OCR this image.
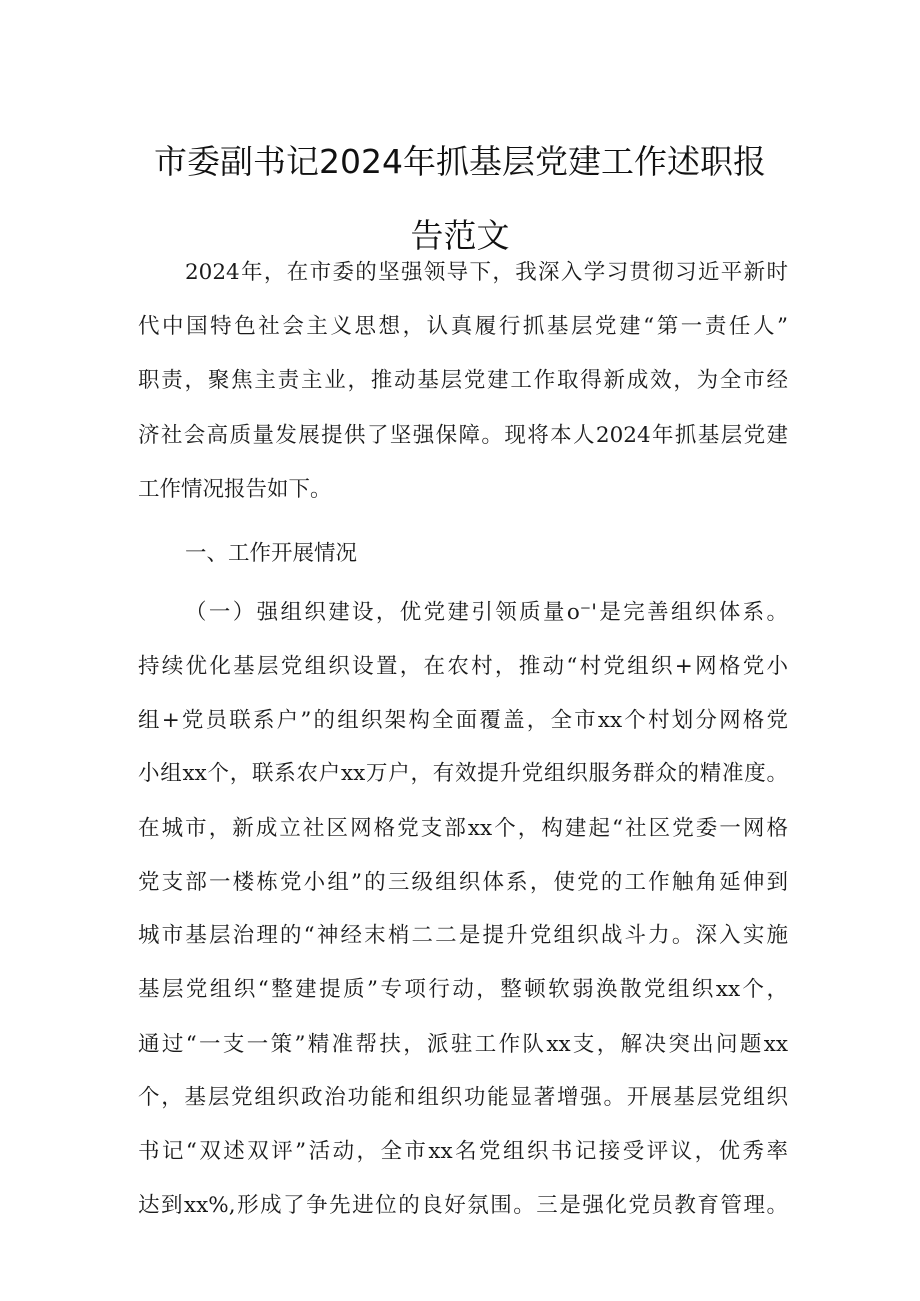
市委副书记2024年抓基层党建工作述职报
告范文
2024年，在市委的坚强领导下，我深入学习贯彻习近平新时
代中国特色社会主义思想，认真履行抓基层党建“第一责任人”
职责，聚焦主责主业，推动基层党建工作取得新成效，为全市经
济社会高质量发展提供了坚强保障。现将本人2024年抓基层党建
工作情况报告如下。
一、工作开展情况
（一）强组织建设，优党建引领质量o⁻'是完善组织体系。
持续优化基层党组织设置，在农村，推动“村党组织+网格党小
组+党员联系户”的组织架构全面覆盖，全市xx个村划分网格党
小组xx个，联系农户xx万户，有效提升党组织服务群众的精准度。
在城市，新成立社区网格党支部xx个，构建起“社区党委一网格
党支部一楼栋党小组”的三级组织体系，使党的工作触角延伸到
城市基层治理的“神经末梢二二是提升党组织战斗力。深入实施
基层党组织“整建提质”专项行动，整顿软弱涣散党组织xx个，
通过“一支一策”精准帮扶，派驻工作队xx支，解决突出问题xx
个，基层党组织政治功能和组织功能显著增强。开展基层党组织
书记“双述双评”活动，全市xx名党组织书记接受评议，优秀率
达到xx%,形成了争先进位的良好氛围。三是强化党员教育管理。
